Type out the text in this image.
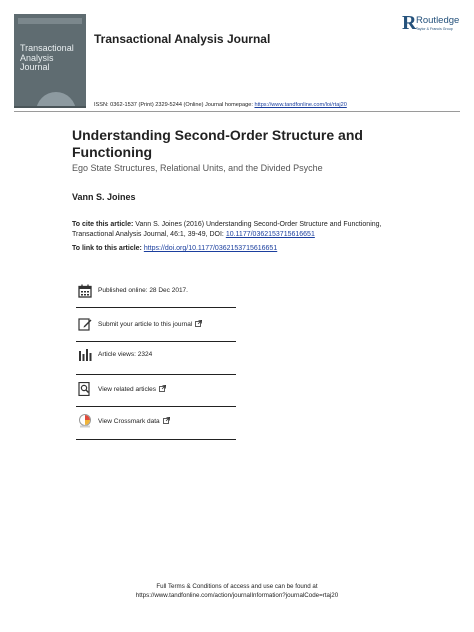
Transactional Analysis Journal
Transactional Analysis Journal
R Routledge
Taylor & Francis Group
ISSN: 0362-1537 (Print) 2329-5244 (Online) Journal homepage: https://www.tandfonline.com/loi/rtaj20
Understanding Second-Order Structure and Functioning
Ego State Structures, Relational Units, and the Divided Psyche
Vann S. Joines
To cite this article: Vann S. Joines (2016) Understanding Second-Order Structure and Functioning, Transactional Analysis Journal, 46:1, 39-49, DOI: 10.1177/0362153715616651
To link to this article: https://doi.org/10.1177/0362153715616651
Published online: 28 Dec 2017.
Submit your article to this journal
Article views: 2324
View related articles
View Crossmark data
Full Terms & Conditions of access and use can be found at
https://www.tandfonline.com/action/journalInformation?journalCode=rtaj20
